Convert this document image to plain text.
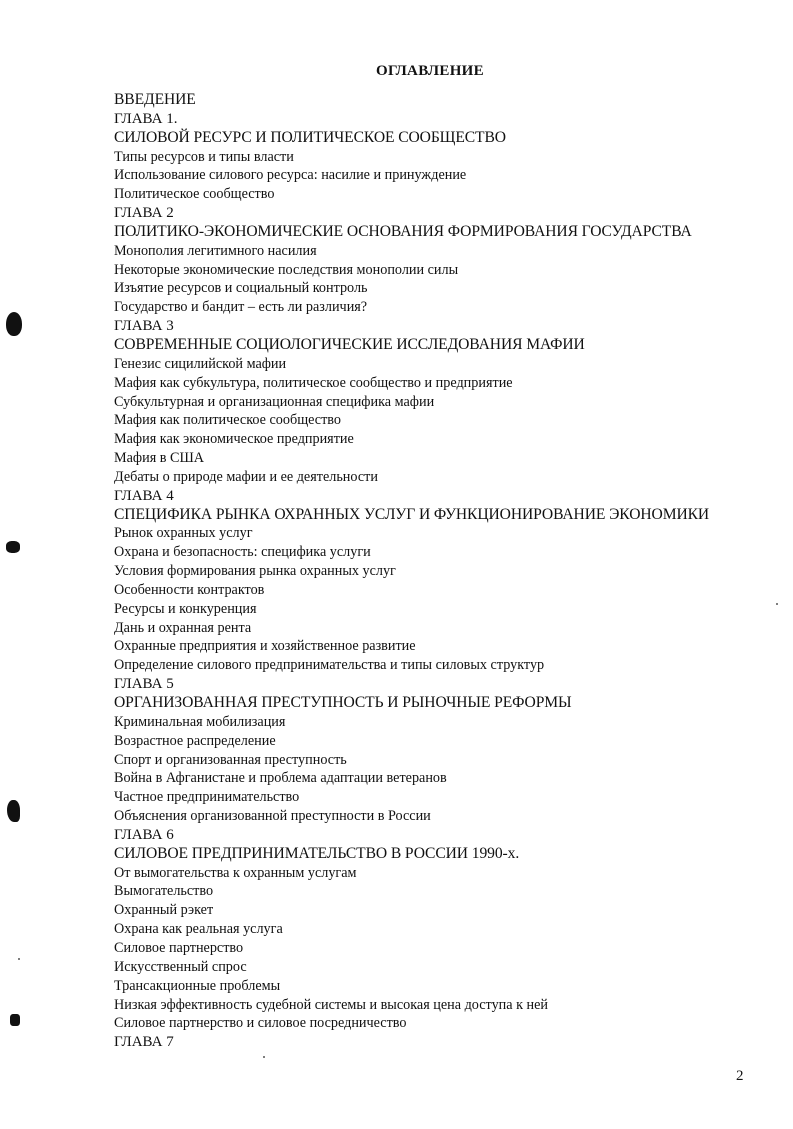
ОГЛАВЛЕНИЕ
ВВЕДЕНИЕ
ГЛАВА 1.
СИЛОВОЙ РЕСУРС И ПОЛИТИЧЕСКОЕ СООБЩЕСТВО
Типы ресурсов и типы власти
Использование силового ресурса: насилие и принуждение
Политическое сообщество
ГЛАВА 2
ПОЛИТИКО-ЭКОНОМИЧЕСКИЕ ОСНОВАНИЯ ФОРМИРОВАНИЯ ГОСУДАРСТВА
Монополия легитимного насилия
Некоторые экономические последствия монополии силы
Изъятие ресурсов и социальный контроль
Государство и бандит – есть ли различия?
ГЛАВА 3
СОВРЕМЕННЫЕ СОЦИОЛОГИЧЕСКИЕ ИССЛЕДОВАНИЯ МАФИИ
Генезис сицилийской мафии
Мафия как субкультура, политическое сообщество и предприятие
Субкультурная и организационная специфика мафии
Мафия как политическое сообщество
Мафия как экономическое предприятие
Мафия в США
Дебаты о природе мафии и ее деятельности
ГЛАВА 4
СПЕЦИФИКА РЫНКА ОХРАННЫХ УСЛУГ И ФУНКЦИОНИРОВАНИЕ ЭКОНОМИКИ
Рынок охранных услуг
Охрана и безопасность: специфика услуги
Условия формирования рынка охранных услуг
Особенности контрактов
Ресурсы и конкуренция
Дань и охранная рента
Охранные предприятия и хозяйственное развитие
Определение силового предпринимательства и типы силовых структур
ГЛАВА 5
ОРГАНИЗОВАННАЯ ПРЕСТУПНОСТЬ И РЫНОЧНЫЕ РЕФОРМЫ
Криминальная мобилизация
Возрастное распределение
Спорт и организованная преступность
Война в Афганистане и проблема адаптации ветеранов
Частное предпринимательство
Объяснения организованной преступности в России
ГЛАВА 6
СИЛОВОЕ ПРЕДПРИНИМАТЕЛЬСТВО В РОССИИ 1990-х.
От вымогательства к охранным услугам
Вымогательство
Охранный рэкет
Охрана как реальная услуга
Силовое партнерство
Искусственный спрос
Трансакционные проблемы
Низкая эффективность судебной системы и высокая цена доступа к ней
Силовое партнерство и силовое посредничество
ГЛАВА 7
2
